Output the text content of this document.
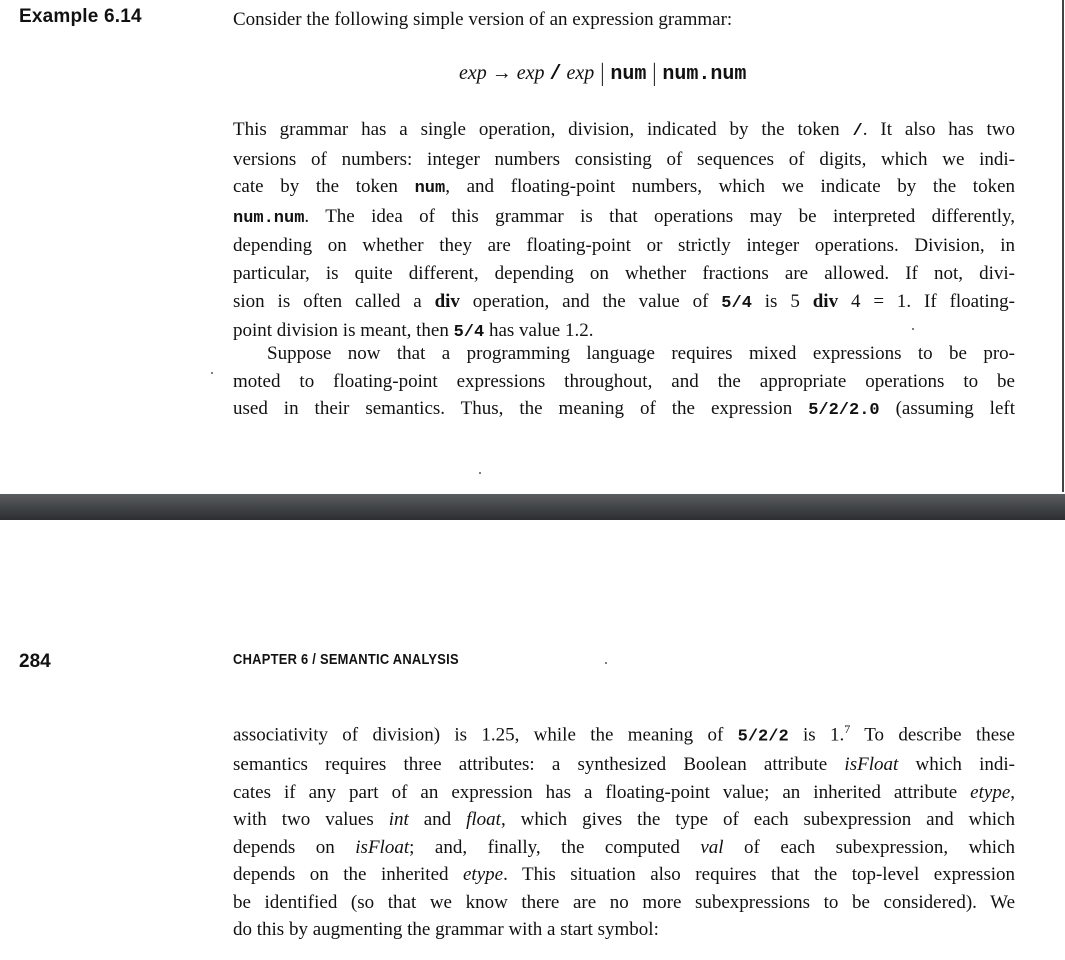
Example 6.14	Consider the following simple version of an expression grammar:
exp → exp / exp | num | num.num
This grammar has a single operation, division, indicated by the token /. It also has two
versions of numbers: integer numbers consisting of sequences of digits, which we indi-
cate by the token num, and floating-point numbers, which we indicate by the token
num.num. The idea of this grammar is that operations may be interpreted differently,
depending on whether they are floating-point or strictly integer operations. Division, in
particular, is quite different, depending on whether fractions are allowed. If not, divi-
sion is often called a div operation, and the value of 5/4 is 5 div 4 = 1. If floating-
point division is meant, then 5/4 has value 1.2.
Suppose now that a programming language requires mixed expressions to be pro-
moted to floating-point expressions throughout, and the appropriate operations to be
used in their semantics. Thus, the meaning of the expression 5/2/2.0 (assuming left
284	CHAPTER 6 / SEMANTIC ANALYSIS
associativity of division) is 1.25, while the meaning of 5/2/2 is 1.$^7$ To describe these
semantics requires three attributes: a synthesized Boolean attribute isFloat which indi-
cates if any part of an expression has a floating-point value; an inherited attribute etype,
with two values int and float, which gives the type of each subexpression and which
depends on isFloat; and, finally, the computed val of each subexpression, which
depends on the inherited etype. This situation also requires that the top-level expression
be identified (so that we know there are no more subexpressions to be considered). We
do this by augmenting the grammar with a start symbol:
